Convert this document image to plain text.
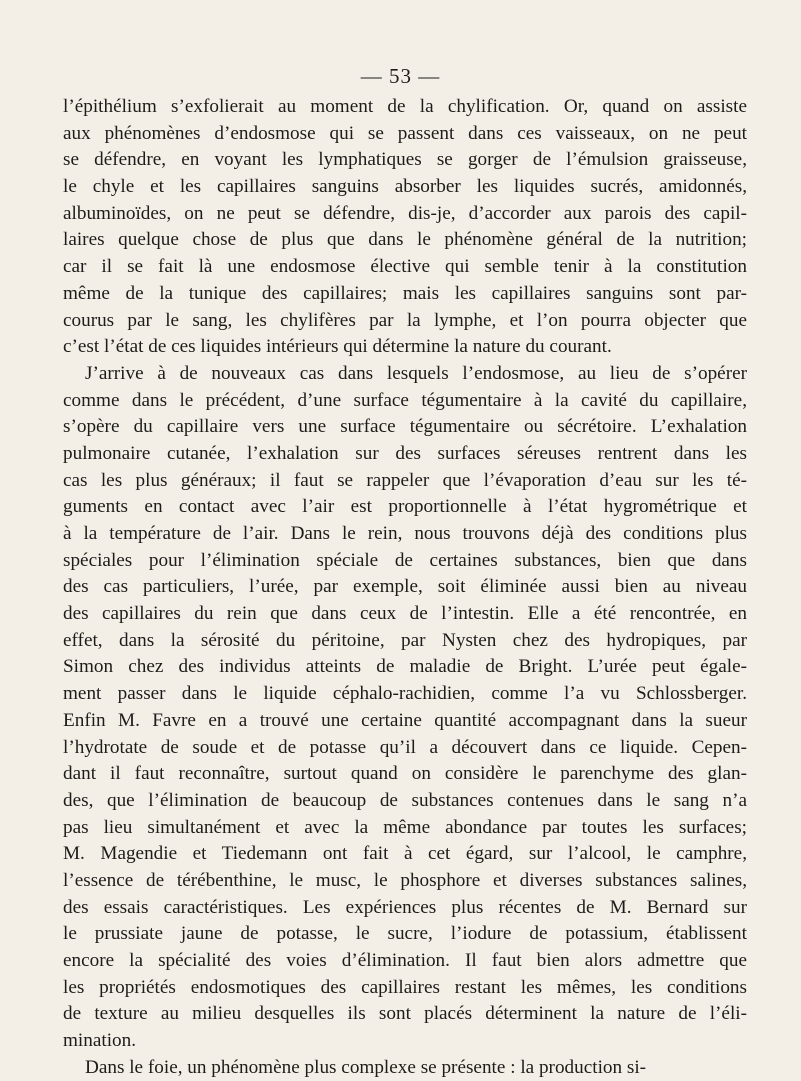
— 53 —
l’épithélium s’exfolierait au moment de la chylification. Or, quand on assiste
aux phénomènes d’endosmose qui se passent dans ces vaisseaux, on ne peut
se défendre, en voyant les lymphatiques se gorger de l’émulsion graisseuse,
le chyle et les capillaires sanguins absorber les liquides sucrés, amidonnés,
albuminoïdes, on ne peut se défendre, dis-je, d’accorder aux parois des capil-
laires quelque chose de plus que dans le phénomène général de la nutrition;
car il se fait là une endosmose élective qui semble tenir à la constitution
même de la tunique des capillaires; mais les capillaires sanguins sont par-
courus par le sang, les chylifères par la lymphe, et l’on pourra objecter que
c’est l’état de ces liquides intérieurs qui détermine la nature du courant.
J’arrive à de nouveaux cas dans lesquels l’endosmose, au lieu de s’opérer
comme dans le précédent, d’une surface tégumentaire à la cavité du capillaire,
s’opère du capillaire vers une surface tégumentaire ou sécrétoire. L’exhalation
pulmonaire cutanée, l’exhalation sur des surfaces séreuses rentrent dans les
cas les plus généraux; il faut se rappeler que l’évaporation d’eau sur les té-
guments en contact avec l’air est proportionnelle à l’état hygrométrique et
à la température de l’air. Dans le rein, nous trouvons déjà des conditions plus
spéciales pour l’élimination spéciale de certaines substances, bien que dans
des cas particuliers, l’urée, par exemple, soit éliminée aussi bien au niveau
des capillaires du rein que dans ceux de l’intestin. Elle a été rencontrée, en
effet, dans la sérosité du péritoine, par Nysten chez des hydropiques, par
Simon chez des individus atteints de maladie de Bright. L’urée peut égale-
ment passer dans le liquide céphalo-rachidien, comme l’a vu Schlossberger.
Enfin M. Favre en a trouvé une certaine quantité accompagnant dans la sueur
l’hydrotate de soude et de potasse qu’il a découvert dans ce liquide. Cepen-
dant il faut reconnaître, surtout quand on considère le parenchyme des glan-
des, que l’élimination de beaucoup de substances contenues dans le sang n’a
pas lieu simultanément et avec la même abondance par toutes les surfaces;
M. Magendie et Tiedemann ont fait à cet égard, sur l’alcool, le camphre,
l’essence de térébenthine, le musc, le phosphore et diverses substances salines,
des essais caractéristiques. Les expériences plus récentes de M. Bernard sur
le prussiate jaune de potasse, le sucre, l’iodure de potassium, établissent
encore la spécialité des voies d’élimination. Il faut bien alors admettre que
les propriétés endosmotiques des capillaires restant les mêmes, les conditions
de texture au milieu desquelles ils sont placés déterminent la nature de l’éli-
mination.
Dans le foie, un phénomène plus complexe se présente : la production si-
